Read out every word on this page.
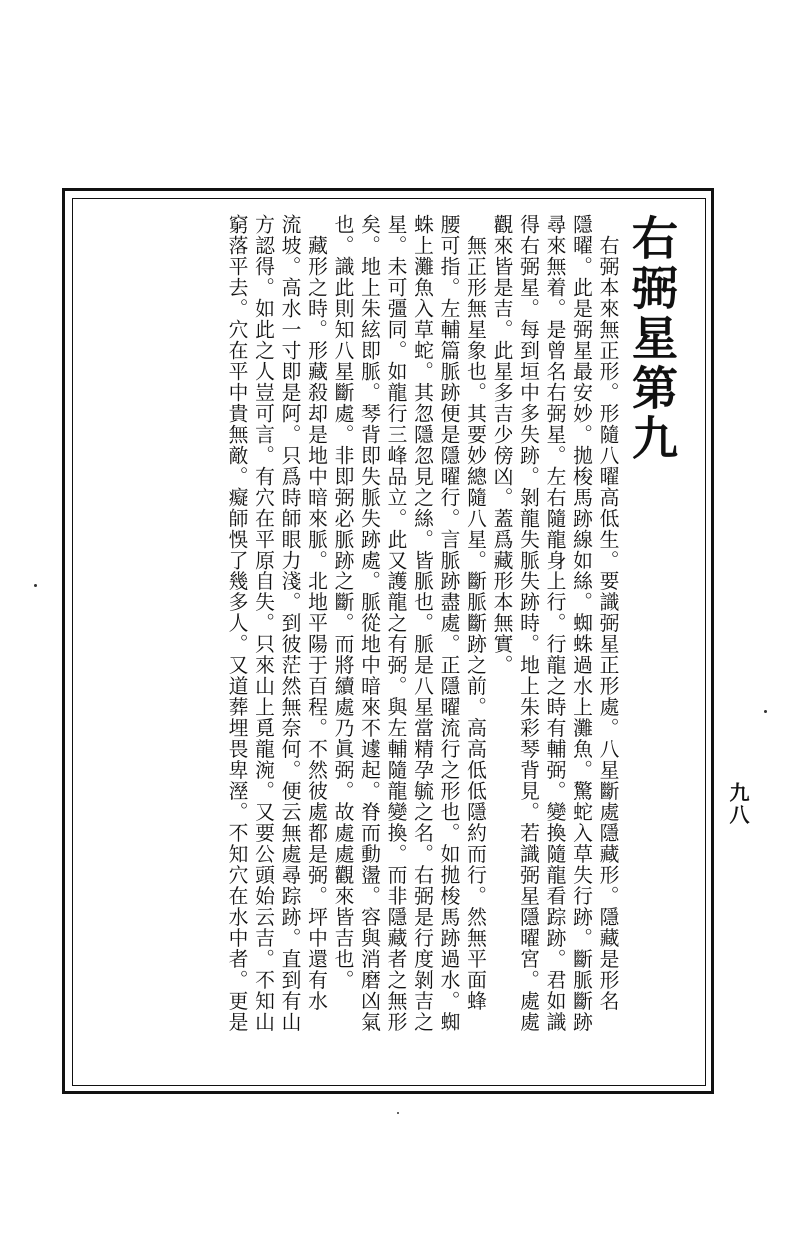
右弼星第九
　右弼本來無正形。形隨八曜高低生。要識弼星正形處。八星斷處隱藏形。隱藏是形名
隱曜。此是弼星最安妙。拋梭馬跡線如絲。蜘蛛過水上灘魚。驚蛇入草失行跡。斷脈斷跡
尋來無着。是曾名右弼星。左右隨龍身上行。行龍之時有輔弼。變換隨龍看踪跡。君如識
得右弼星。每到垣中多失跡。剝龍失脈失跡時。地上朱彩琴背見。若識弼星隱曜宮。處處
觀來皆是吉。此星多吉少傍凶。蓋爲藏形本無實。
　無正形無星象也。其要妙總隨八星。斷脈斷跡之前。高高低低隱約而行。然無平面蜂
腰可指。左輔篇脈跡便是隱曜行。言脈跡盡處。正隱曜流行之形也。如拋梭馬跡過水。蜘
蛛上灘魚入草蛇。其忽隱忽見之絲。皆脈也。脈是八星當精孕毓之名。右弼是行度剝吉之
星。未可彊同。如龍行三峰品立。此又護龍之有弼。與左輔隨龍變換。而非隱藏者之無形
矣。地上朱絃即脈。琴背即失脈失跡處。脈從地中暗來不遽起。脊而動盪。容與消磨凶氣
也。識此則知八星斷處。非即弼必脈跡之斷。而將續處乃眞弼。故處處觀來皆吉也。
　藏形之時。形藏殺却是地中暗來脈。北地平陽于百程。不然彼處都是弼。坪中還有水
流坡。高水一寸即是阿。只爲時師眼力淺。到彼茫然無奈何。便云無處尋踪跡。直到有山
方認得。如此之人豈可言。有穴在平原自失。只來山上覓龍涴。又要公頭始云吉。不知山
窮落平去。穴在平中貴無敵。癡師悞了幾多人。又道葬埋畏卑溼。不知穴在水中者。更是	九八
